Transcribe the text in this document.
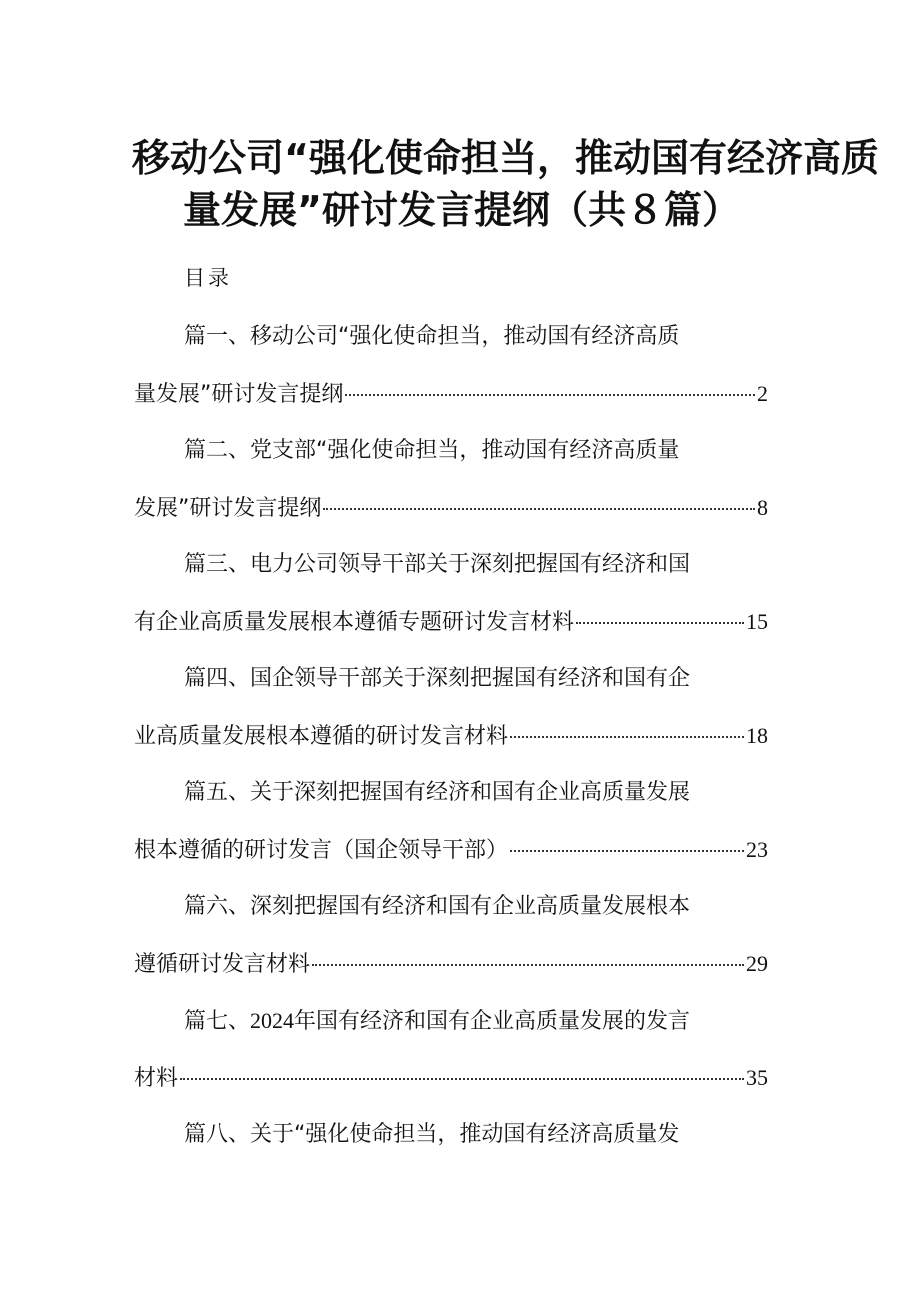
移动公司“强化使命担当，推动国有经济高质
量发展”研讨发言提纲（共８篇）
目录
篇一、移动公司“强化使命担当，推动国有经济高质
量发展”研讨发言提纲	2
篇二、党支部“强化使命担当，推动国有经济高质量
发展”研讨发言提纲	8
篇三、电力公司领导干部关于深刻把握国有经济和国
有企业高质量发展根本遵循专题研讨发言材料	15
篇四、国企领导干部关于深刻把握国有经济和国有企
业高质量发展根本遵循的研讨发言材料	18
篇五、关于深刻把握国有经济和国有企业高质量发展
根本遵循的研讨发言（国企领导干部）	23
篇六、深刻把握国有经济和国有企业高质量发展根本
遵循研讨发言材料	29
篇七、2024年国有经济和国有企业高质量发展的发言
材料	35
篇八、关于“强化使命担当，推动国有经济高质量发
